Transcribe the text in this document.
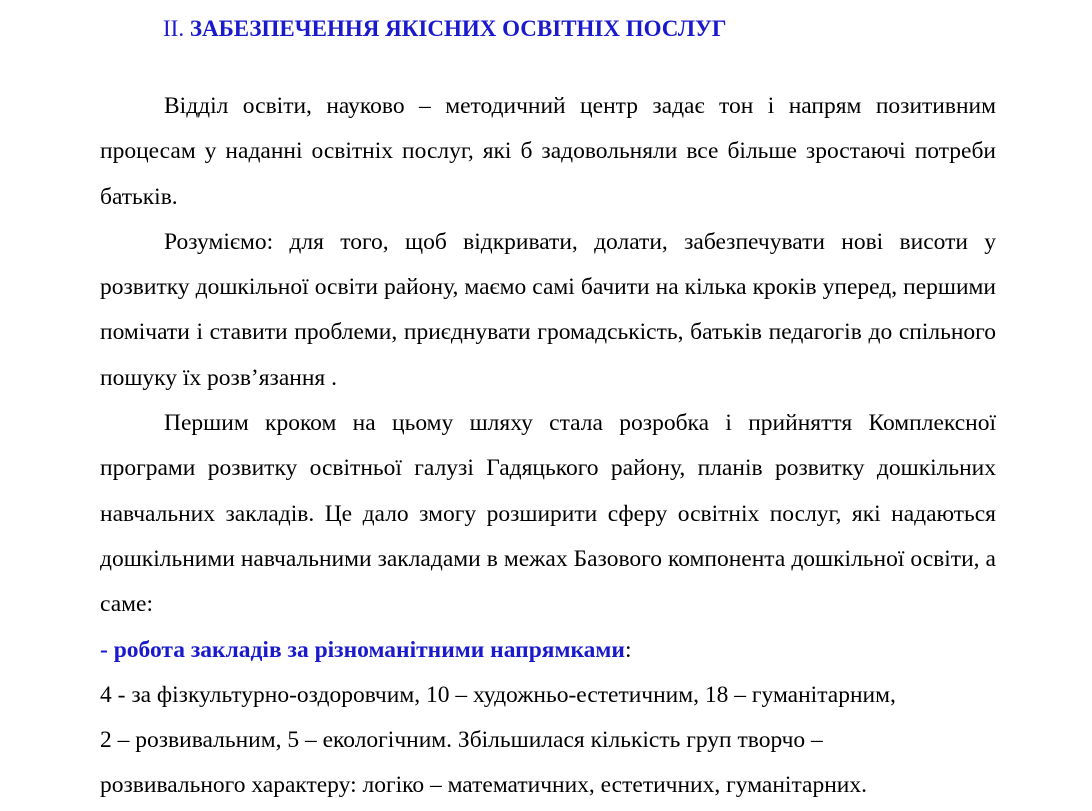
II. ЗАБЕЗПЕЧЕННЯ ЯКІСНИХ ОСВІТНІХ ПОСЛУГ

Відділ освіти, науково – методичний центр задає тон і напрям позитивним процесам у наданні освітніх послуг, які б задовольняли все більше зростаючі потреби батьків.

Розуміємо: для того, щоб відкривати, долати, забезпечувати нові висоти у розвитку дошкільної освіти району, маємо самі бачити на кілька кроків уперед, першими помічати і ставити проблеми, приєднувати громадськість, батьків педагогів до спільного пошуку їх розв’язання .

Першим кроком на цьому шляху стала розробка і прийняття Комплексної програми розвитку освітньої галузі Гадяцького району, планів розвитку дошкільних навчальних закладів. Це дало змогу розширити сферу освітніх послуг, які надаються дошкільними навчальними закладами в межах Базового компонента дошкільної освіти, а саме:

- робота закладів за різноманітними напрямками:

4 - за фізкультурно-оздоровчим, 10 – художньо-естетичним, 18 – гуманітарним,

2 – розвивальним, 5 – екологічним. Збільшилася кількість груп творчо –

розвивального характеру: логіко – математичних, естетичних, гуманітарних.
